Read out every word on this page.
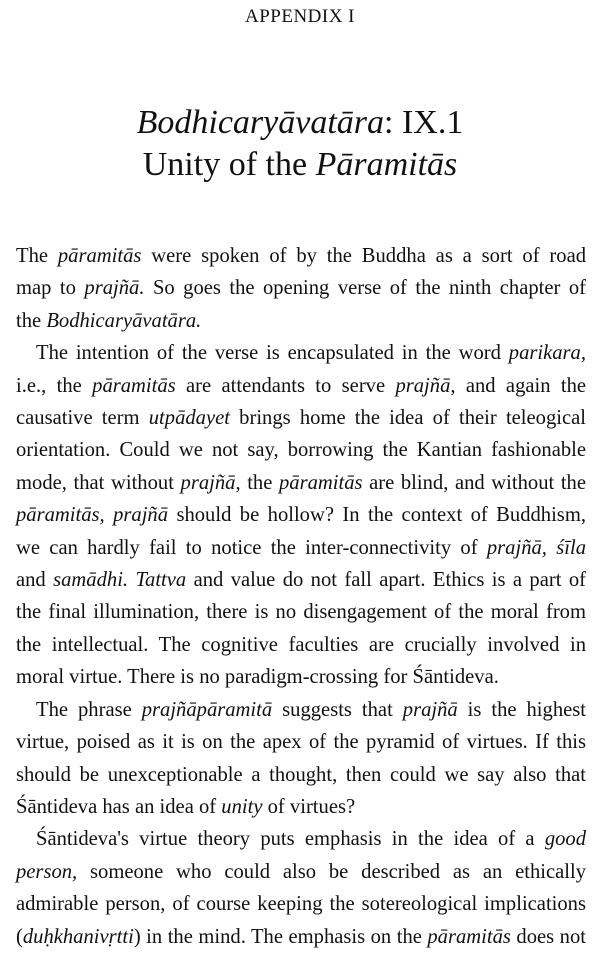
APPENDIX I
Bodhicaryāvatāra: IX.1
Unity of the Pāramitās

The pāramitās were spoken of by the Buddha as a sort of road
map to prajñā. So goes the opening verse of the ninth chapter of
the Bodhicaryāvatāra.

The intention of the verse is encapsulated in the word parikara,
i.e., the pāramitās are attendants to serve prajñā, and again the
causative term utpādayet brings home the idea of their teleogical
orientation. Could we not say, borrowing the Kantian fashionable
mode, that without prajñā, the pāramitās are blind, and without the
pāramitās, prajñā should be hollow? In the context of Buddhism,
we can hardly fail to notice the inter-connectivity of prajñā, śīla
and samādhi. Tattva and value do not fall apart. Ethics is a part of
the final illumination, there is no disengagement of the moral from
the intellectual. The cognitive faculties are crucially involved in
moral virtue. There is no paradigm-crossing for Śāntideva.

The phrase prajñāpāramitā suggests that prajñā is the highest
virtue, poised as it is on the apex of the pyramid of virtues. If this
should be unexceptionable a thought, then could we say also that
Śāntideva has an idea of unity of virtues?

Śāntideva's virtue theory puts emphasis in the idea of a good
person, someone who could also be described as an ethically
admirable person, of course keeping the sotereological implications
(duḥkhanivṛtti) in the mind. The emphasis on the pāramitās does not
